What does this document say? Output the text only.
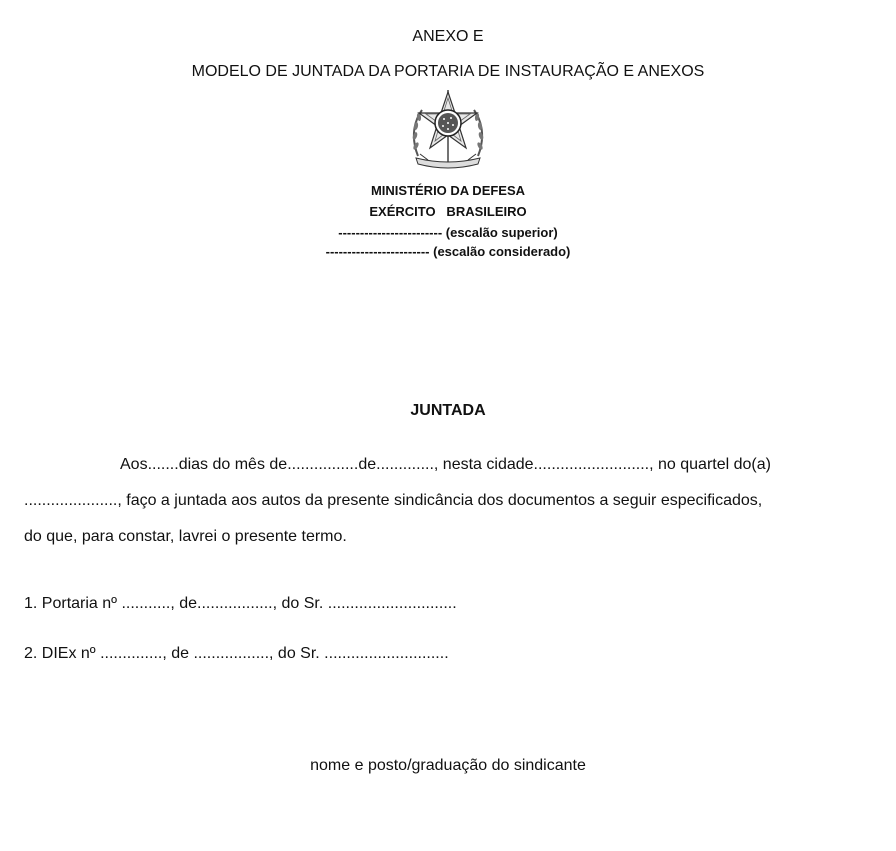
ANEXO E
MODELO DE JUNTADA DA PORTARIA DE INSTAURAÇÃO E ANEXOS
MINISTÉRIO DA DEFESA
EXÉRCITO   BRASILEIRO
------------------------ (escalão superior)
------------------------ (escalão considerado)
JUNTADA
Aos.......dias do mês de................de............., nesta cidade.........................., no quartel do(a)
....................., faço a juntada aos autos da presente sindicância dos documentos a seguir especificados,
do que, para constar, lavrei o presente termo.
1. Portaria nº ..........., de................., do Sr. .............................
2. DIEx nº .............., de ................., do Sr. ............................
nome e posto/graduação do sindicante
